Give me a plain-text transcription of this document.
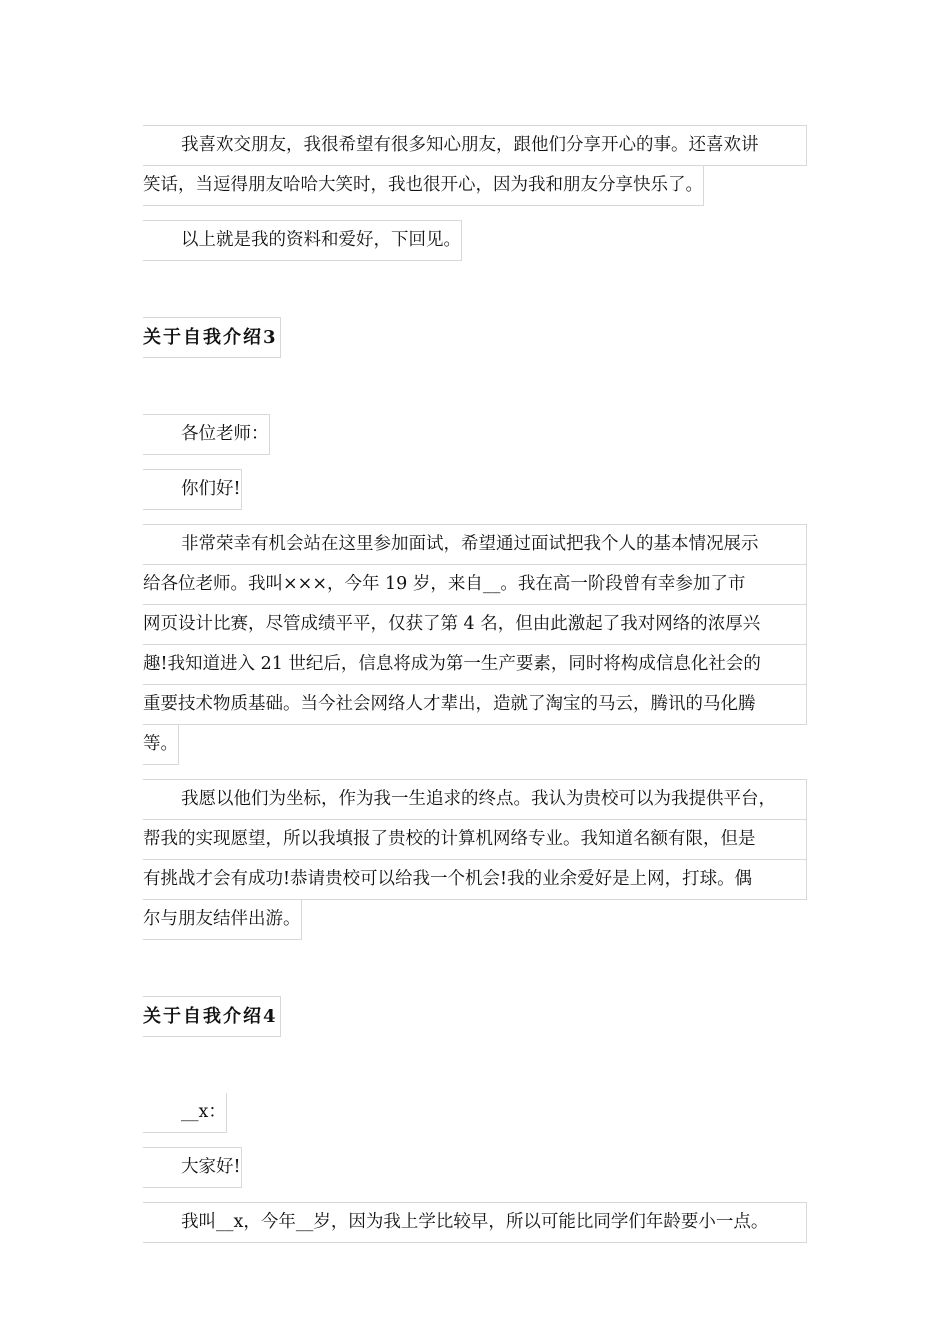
我喜欢交朋友，我很希望有很多知心朋友，跟他们分享开心的事。还喜欢讲
笑话，当逗得朋友哈哈大笑时，我也很开心，因为我和朋友分享快乐了。
以上就是我的资料和爱好，下回见。
关于自我介绍3
各位老师：
你们好!
非常荣幸有机会站在这里参加面试，希望通过面试把我个人的基本情况展示
给各位老师。我叫×××，今年 19 岁，来自__。我在高一阶段曾有幸参加了市
网页设计比赛，尽管成绩平平，仅获了第 4 名，但由此激起了我对网络的浓厚兴
趣!我知道进入 21 世纪后，信息将成为第一生产要素，同时将构成信息化社会的
重要技术物质基础。当今社会网络人才辈出，造就了淘宝的马云，腾讯的马化腾
等。
我愿以他们为坐标，作为我一生追求的终点。我认为贵校可以为我提供平台，
帮我的实现愿望，所以我填报了贵校的计算机网络专业。我知道名额有限，但是
有挑战才会有成功!恭请贵校可以给我一个机会!我的业余爱好是上网，打球。偶
尔与朋友结伴出游。
关于自我介绍4
__x：
大家好!
我叫__x，今年__岁，因为我上学比较早，所以可能比同学们年龄要小一点。
